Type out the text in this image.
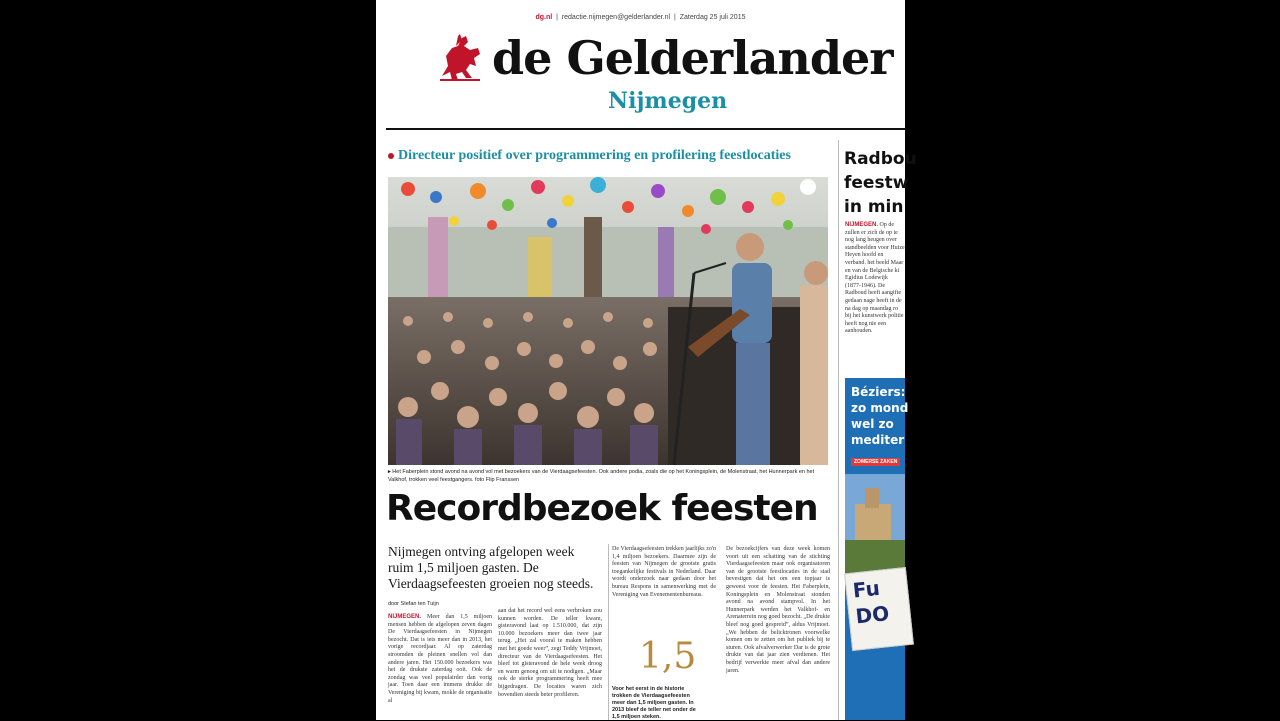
dg.nl  |  redactie.nijmegen@gelderlander.nl  |  Zaterdag 25 juli 2015
de Gelderlander
Nijmegen
Directeur positief over programmering en profilering feestlocaties
▸ Het Faberplein stond avond na avond vol met bezoekers van de Vierdaagsefeesten. Ook andere podia, zoals die op het Koningsplein, de Molenstraat, het Hunnerpark en het Valkhof, trokken veel feestgangers. foto Flip Franssen
Recordbezoek feesten
Nijmegen ontving afgelopen week ruim 1,5 miljoen gasten. De Vierdaagsefeesten groeien nog steeds.
door Stefan ten Tuijn
NIJMEGEN. Meer dan 1,5 miljoen mensen hebben de afgelopen zeven dagen De Vierdaagsefeesten in Nijmegen bezocht. Dat is iets meer dan in 2013, het vorige recordjaar. Al op zaterdag stroomden de pleinen snellen vol dan andere jaren. Het 150.000 bezoekers was het de drukste zaterdag ooit. Ook de zondag was veel populairder dan vorig jaar. Toen daar een immens drukke de Vereniging bij kwam, mokle de organisatie al
aan dat het record wel eens verbroken zou kunnen worden. De teller kwam, gisteravond laat op 1.510.000, dat zijn 10.000 bezoekers meer dan twee jaar terug. „Het zal vooral te maken hebben met het goede weer”, zegt Teddy Vrijmoet, directeur van de Vierdaagsefeesten. Het bleef tot gisteravond de hele week droog en warm genoeg om uit te nodigen. „Maar ook de sterke programmering heeft mee bijgedragen. De locaties waren zich bovendien steeds beter profileren.
De Vierdaagsefeesten trekken jaarlijks zo'n 1,4 miljoen bezoekers. Daarmee zijn de feesten van Nijmegen de grootste gratis toegankelijke festivals in Nederland. Daar wordt onderzoek naar gedaan door het bureau Respons in samenwerking met de Vereniging van Evenementenbureaus.
1,5
Voor het eerst in de historie trokken de Vierdaagsefeesten meer dan 1,5 miljoen gasten. In 2013 bleef de teller net onder de 1,5 miljoen steken.
De bezoekcijfers van deze week komen voort uit een schatting van de stichting Vierdaagsefeesten maar ook organisatoren van de grootste feestlocaties in de stad bevestigen dat het om een topjaar is geweest voor de feesten. Het Faberplein, Koningsplein en Molenstraat stonden avond na avond stampvol. In het Hunnerpark werden het Valkhof- en Arenaterrein nog goed bezocht. „De drukte bleef nog goed gespreid”, aldus Vrijmoet. „We hebben de belicktronen voorwelke komen om te zetten om het publiek bij te sturen. Ook afvalverwerker Dar is de grote drukte van dat jaar zien verdienen. Het bedrijf verwerkte meer afval dan andere jaren.
Radbou
feestw
in min
NIJMEGEN. Op de zullen er zich de op ie nog lang heugen over standbeelden voor Huize Heyen hoofd en verband. het beeld Maar en van de Belgische ki Egidius Lodewijk (1877-1946). De Radboud heeft aangifte gedaan nage heeft in de na dag op maandag ro bij het kunstwerk politie heeft nog nie een aanhouden.
Béziers:
zo mond
wel zo
mediter
ZOMERSE ZAKEN
Fu
DO
